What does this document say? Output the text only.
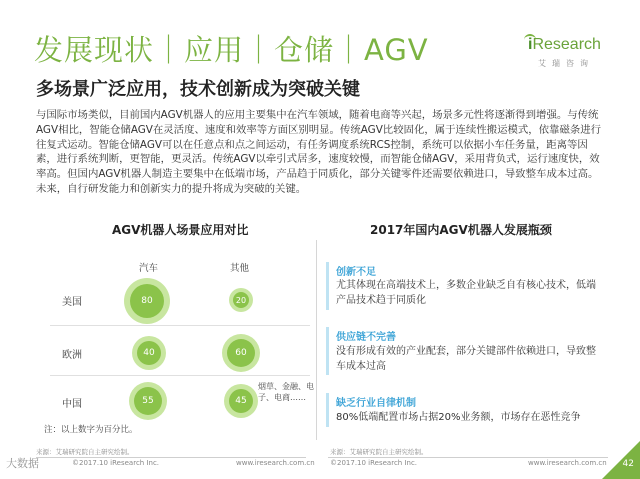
发展现状｜应用｜仓储｜AGV	iResearch
艾瑞咨询
多场景广泛应用，技术创新成为突破关键
与国际市场类似，目前国内AGV机器人的应用主要集中在汽车领域，随着电商等兴起，场景多元性将逐渐得到增强。与传统AGV相比，智能仓储AGV在灵活度、速度和效率等方面区别明显。传统AGV比较固化，属于连续性搬运模式，依靠磁条进行往复式运动。智能仓储AGV可以在任意点和点之间运动，有任务调度系统RCS控制，系统可以依据小车任务量，距离等因素，进行系统判断，更智能，更灵活。传统AGV以牵引式居多，速度较慢，而智能仓储AGV，采用背负式，运行速度快，效率高。但国内AGV机器人制造主要集中在低端市场，产品趋于同质化，部分关键零件还需要依赖进口，导致整车成本过高。未来，自行研发能力和创新实力的提升将成为突破的关键。
AGV机器人场景应用对比
汽车	其他
美国	80	20
欧洲	40	60
中国	55	45
烟草、金融、电子、电商……
注：以上数字为百分比。
来源：艾瑞研究院自主研究绘制。
2017年国内AGV机器人发展瓶颈
创新不足
尤其体现在高端技术上，多数企业缺乏自有核心技术，低端产品技术趋于同质化
供应链不完善
没有形成有效的产业配套，部分关键部件依赖进口，导致整车成本过高
缺乏行业自律机制
80%低端配置市场占据20%业务额，市场存在恶性竞争
来源：艾瑞研究院自主研究绘制。
©2017.10 iResearch Inc.	www.iresearch.com.cn ©2017.10 iResearch Inc.	www.iresearch.com.cn
大数据	42
